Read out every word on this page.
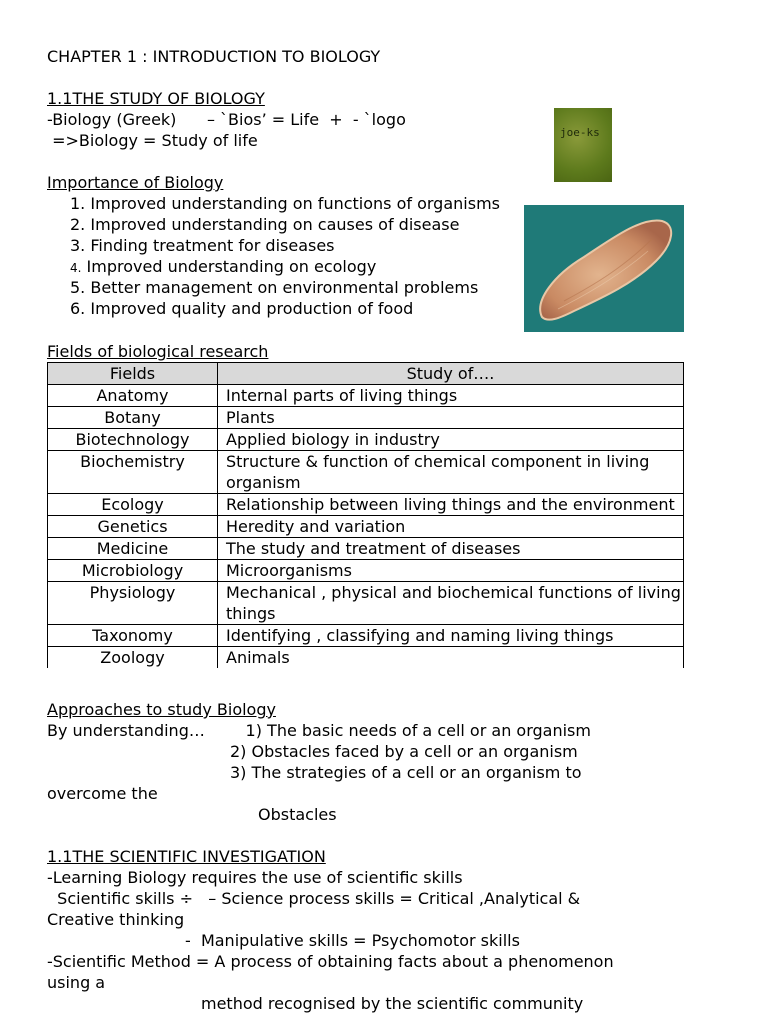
CHAPTER 1 : INTRODUCTION TO BIOLOGY
1.1THE STUDY OF BIOLOGY
-Biology (Greek)      – `Bios’ = Life  +  - `logo
=>Biology = Study of life	joe-ks
Importance of Biology
1. Improved understanding on functions of organisms
2. Improved understanding on causes of disease
3. Finding treatment for diseases
4. Improved understanding on ecology
5. Better management on environmental problems
6. Improved quality and production of food
Fields of biological research
Fields	Study of….
Anatomy	Internal parts of living things
Botany	Plants
Biotechnology	Applied biology in industry
Biochemistry	Structure & function of chemical component in living organism
Ecology	Relationship between living things and the environment
Genetics	Heredity and variation
Medicine	The study and treatment of diseases
Microbiology	Microorganisms
Physiology	Mechanical , physical and biochemical functions of living things
Taxonomy	Identifying , classifying and naming living things
Zoology	Animals
Approaches to study Biology
By understanding…        1) The basic needs of a cell or an organism
2) Obstacles faced by a cell or an organism
3) The strategies of a cell or an organism to
overcome the
Obstacles
1.1THE SCIENTIFIC INVESTIGATION
-Learning Biology requires the use of scientific skills
Scientific skills ÷   – Science process skills = Critical ,Analytical &
Creative thinking
-  Manipulative skills = Psychomotor skills
-Scientific Method = A process of obtaining facts about a phenomenon
using a
method recognised by the scientific community
